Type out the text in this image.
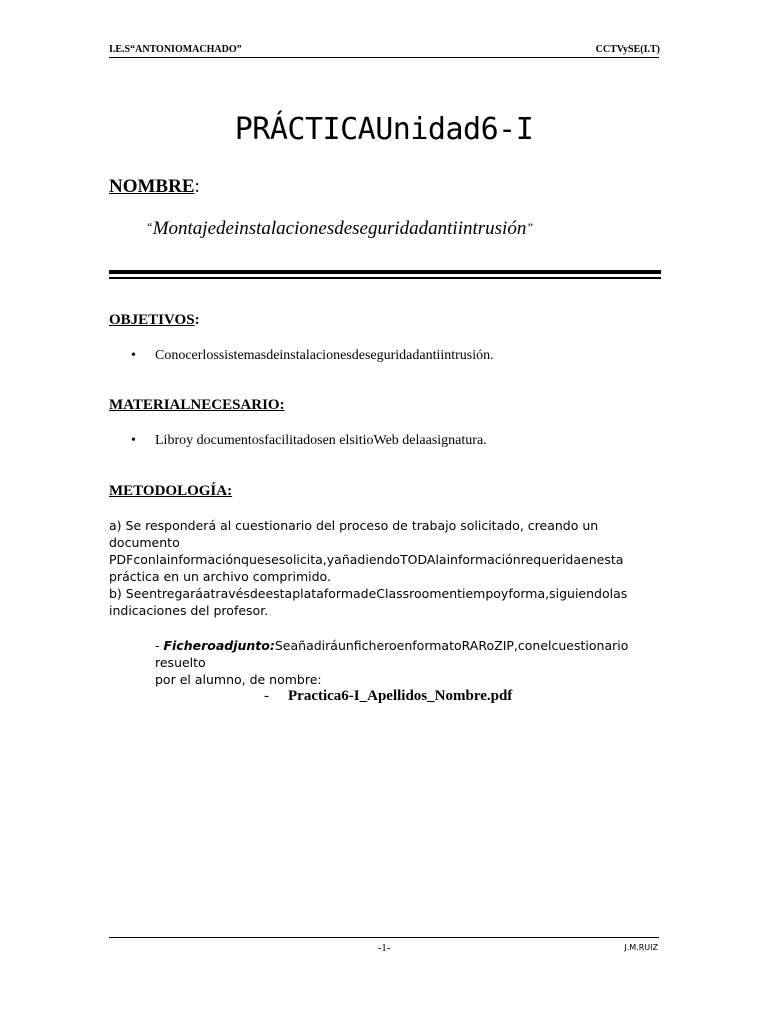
I.E.S“ANTONIOMACHADO”	CCTVySE(I.T)
PRÁCTICAUnidad6-I
NOMBRE:
“Montajedeinstalacionesdeseguridadantiintrusión”
OBJETIVOS:
• Conocerlossistemasdeinstalacionesdeseguridadantiintrusión.
MATERIALNECESARIO:
• Libroy documentosfacilitadosen elsitioWeb delaasignatura.
METODOLOGÍA:
a) Se responderá al cuestionario del proceso de trabajo solicitado, creando un documento
PDFconlainformaciónquesesolicita,yañadiendoTODAlainformaciónrequeridaenesta
práctica en un archivo comprimido.
b) SeentregaráatravésdeestaplataformadeClassroomentiempoyforma,siguiendolas
indicaciones del profesor.
- Ficheroadjunto:SeañadiráunficheroenformatoRARoZIP,conelcuestionario resuelto
por el alumno, de nombre:
- Practica6-I_Apellidos_Nombre.pdf
-1-	J.M.RUIZ
